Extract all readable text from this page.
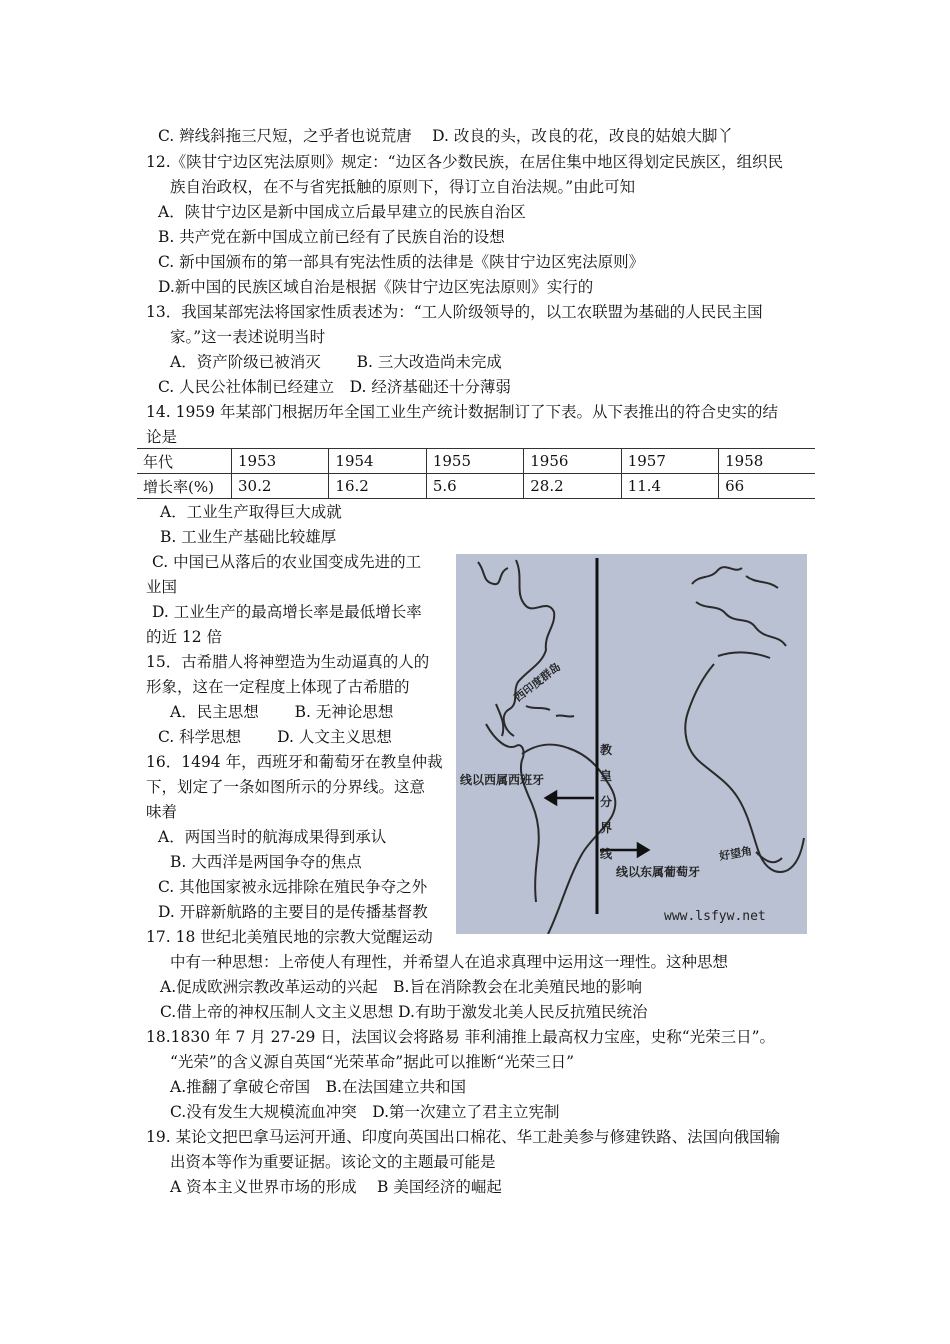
C. 辫线斜拖三尺短，之乎者也说荒唐　 D. 改良的头，改良的花，改良的姑娘大脚丫
12.《陕甘宁边区宪法原则》规定：“边区各少数民族，在居住集中地区得划定民族区，组织民
族自治政权，在不与省宪抵触的原则下，得订立自治法规。”由此可知
A．陕甘宁边区是新中国成立后最早建立的民族自治区
B. 共产党在新中国成立前已经有了民族自治的设想
C. 新中国颁布的第一部具有宪法性质的法律是《陕甘宁边区宪法原则》
D.新中国的民族区域自治是根据《陕甘宁边区宪法原则》实行的
13．我国某部宪法将国家性质表述为：“工人阶级领导的，以工农联盟为基础的人民民主国
家。”这一表述说明当时
A．资产阶级已被消灭　　 B. 三大改造尚未完成
C. 人民公社体制已经建立　D. 经济基础还十分薄弱
14. 1959 年某部门根据历年全国工业生产统计数据制订了下表。从下表推出的符合史实的结
论是
年代	1953	1954	1955	1956	1957	1958
增长率(%)	30.2	16.2	5.6	28.2	11.4	66
A．工业生产取得巨大成就
B. 工业生产基础比较雄厚
C. 中国已从落后的农业国变成先进的工
业国
D. 工业生产的最高增长率是最低增长率
的近 12 倍
15．古希腊人将神塑造为生动逼真的人的
形象，这在一定程度上体现了古希腊的
A．民主思想　　 B. 无神论思想
C. 科学思想　　 D. 人文主义思想
16．1494 年，西班牙和葡萄牙在教皇仲裁
下，划定了一条如图所示的分界线。这意
味着
A．两国当时的航海成果得到承认
B. 大西洋是两国争夺的焦点
C. 其他国家被永远排除在殖民争夺之外
D. 开辟新航路的主要目的是传播基督教
17. 18 世纪北美殖民地的宗教大觉醒运动
中有一种思想：上帝使人有理性，并希望人在追求真理中运用这一理性。这种思想
A.促成欧洲宗教改革运动的兴起　B.旨在消除教会在北美殖民地的影响
C.借上帝的神权压制人文主义思想 D.有助于激发北美人民反抗殖民统治
18.1830 年 7 月 27-29 日，法国议会将路易 菲利浦推上最高权力宝座，史称“光荣三日”。
“光荣”的含义源自英国“光荣革命”据此可以推断“光荣三日”
A.推翻了拿破仑帝国　B.在法国建立共和国
C.没有发生大规模流血冲突　D.第一次建立了君主立宪制
19. 某论文把巴拿马运河开通、印度向英国出口棉花、华工赴美参与修建铁路、法国向俄国输
出资本等作为重要证据。该论文的主题最可能是
A 资本主义世界市场的形成　 B 美国经济的崛起
西印度群岛
线以西属西班牙
线以东属葡萄牙
好望角
www.lsfyw.net
教皇分界线
